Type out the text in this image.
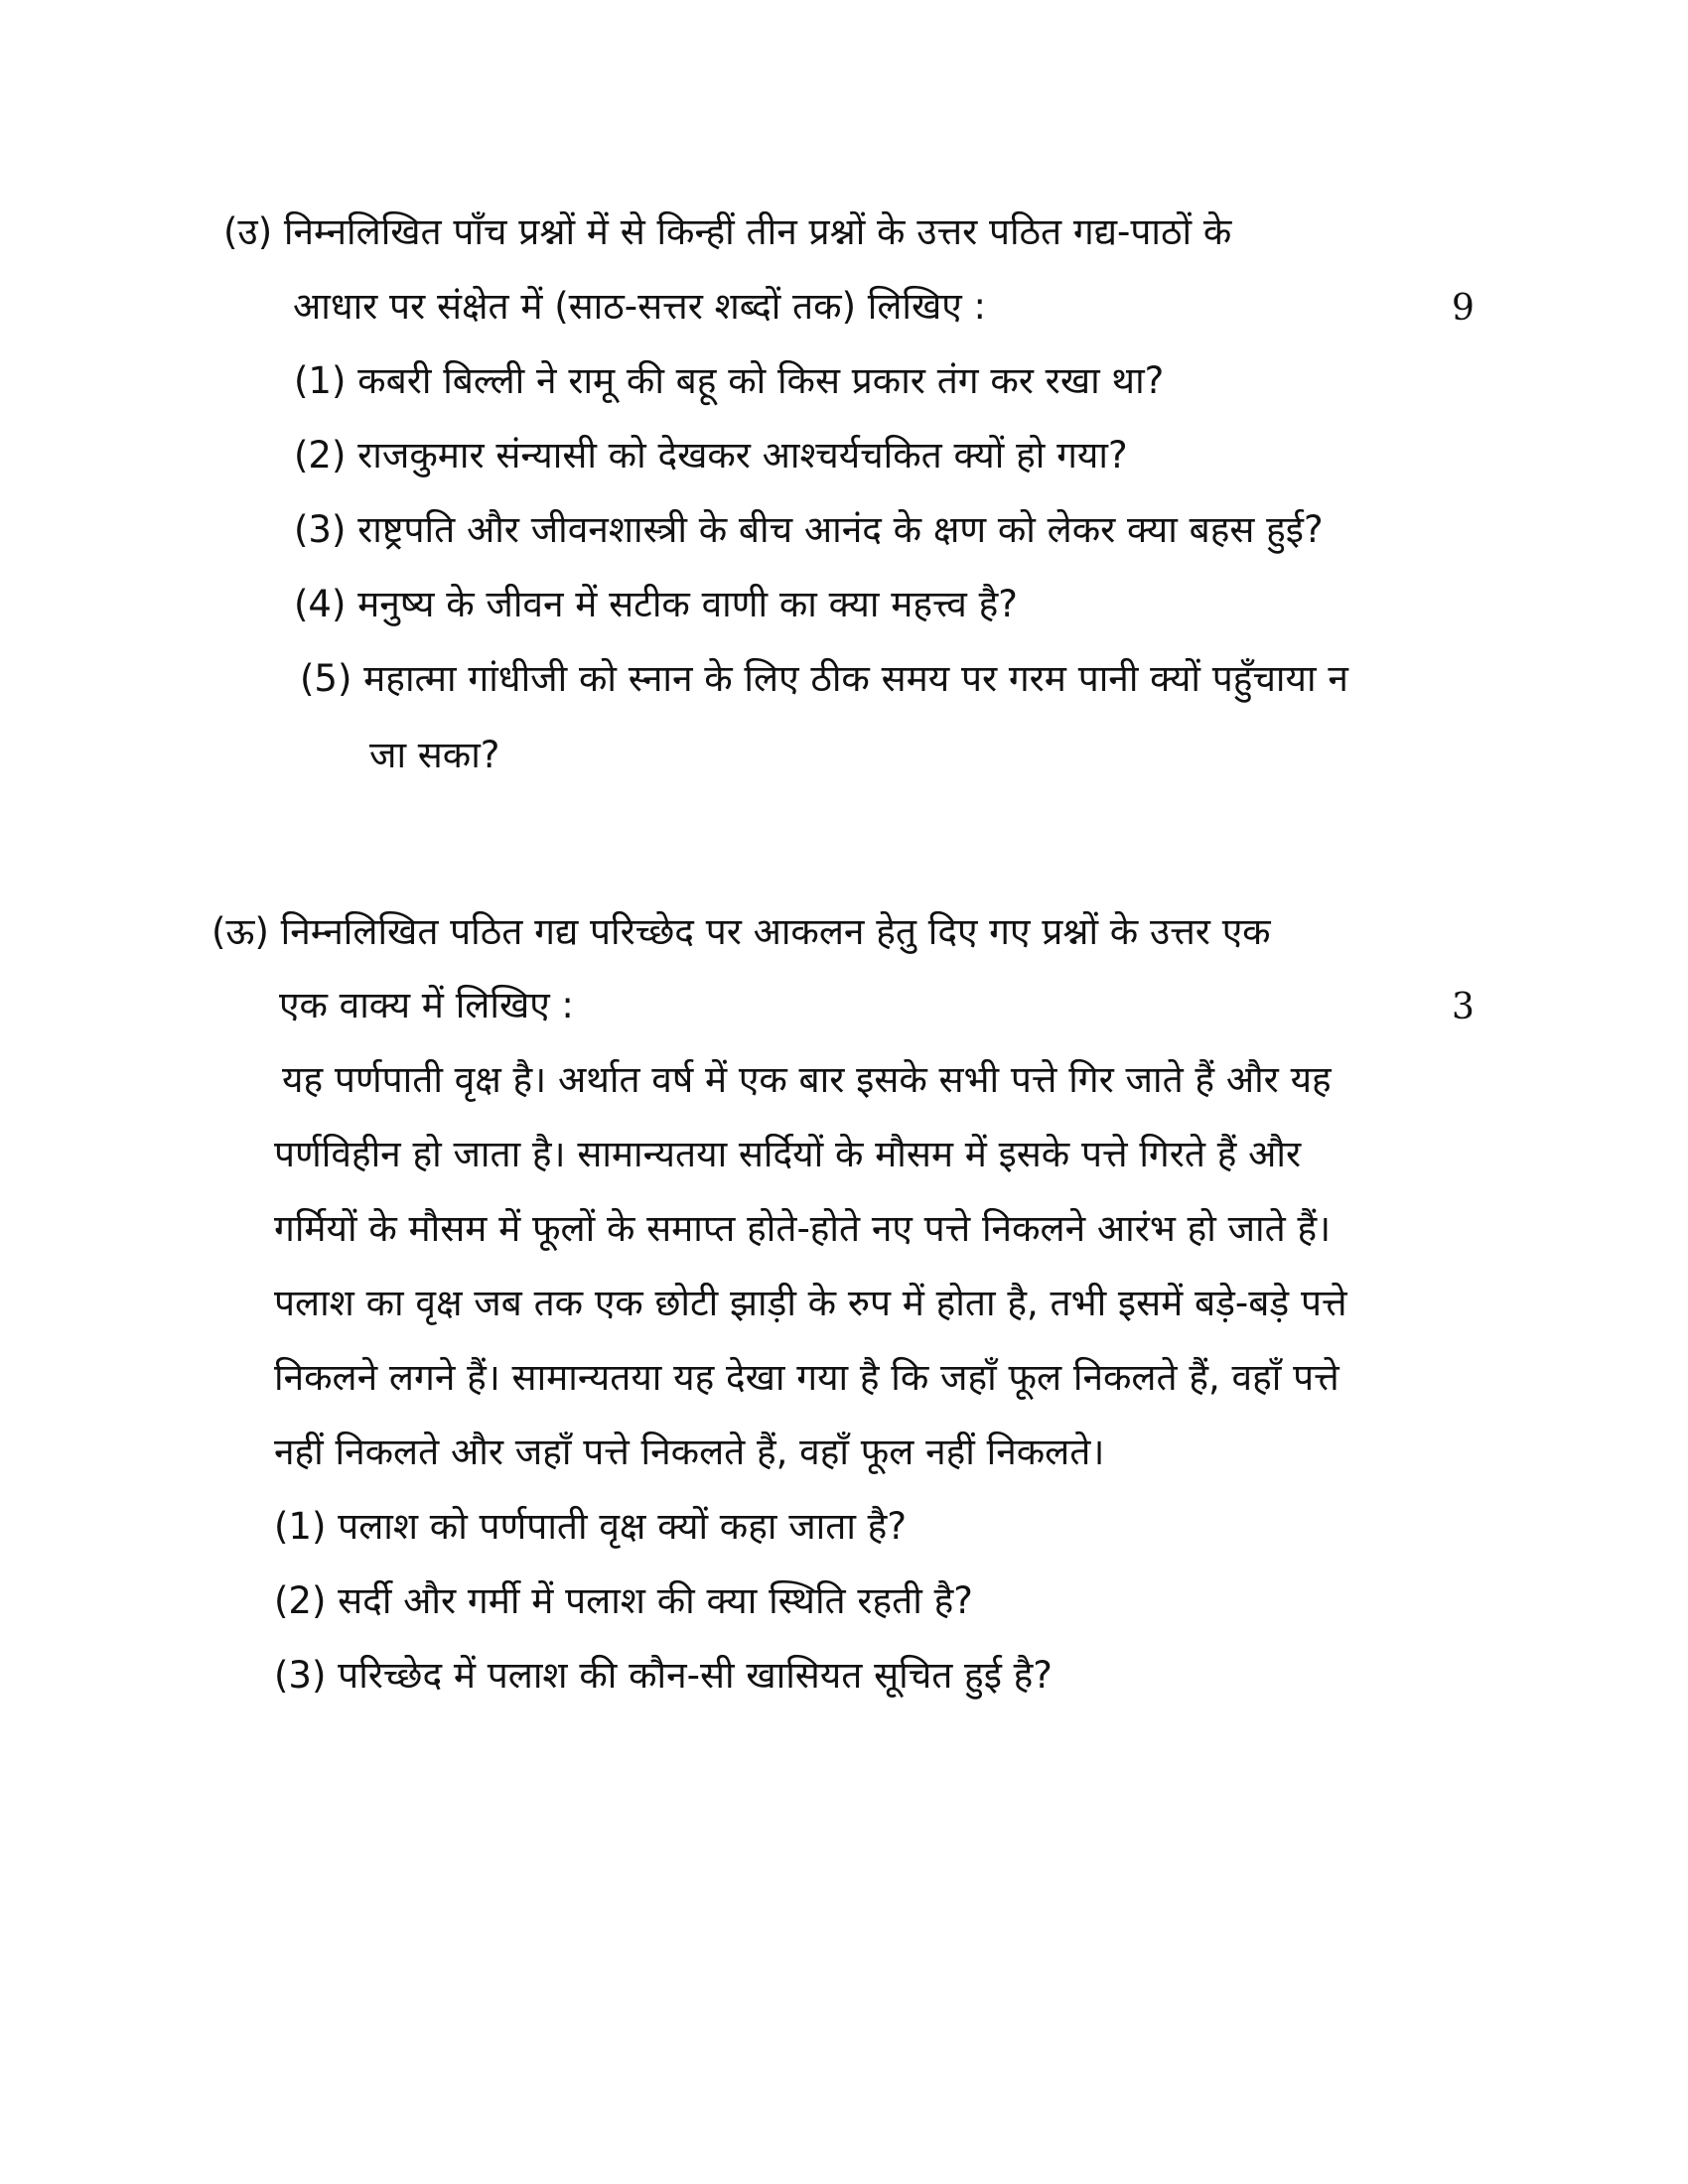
(उ) निम्नलिखित पाँच प्रश्नों में से किन्हीं तीन प्रश्नों के उत्तर पठित गद्य-पाठों के
आधार पर संक्षेत में (साठ-सत्तर शब्दों तक) लिखिए :	9
(1) कबरी बिल्ली ने रामू की बहू को किस प्रकार तंग कर रखा था?
(2) राजकुमार संन्यासी को देखकर आश्चर्यचकित क्यों हो गया?
(3) राष्ट्रपति और जीवनशास्त्री के बीच आनंद के क्षण को लेकर क्या बहस हुई?
(4) मनुष्य के जीवन में सटीक वाणी का क्या महत्त्व है?
(5) महात्मा गांधीजी को स्नान के लिए ठीक समय पर गरम पानी क्यों पहुँचाया न
जा सका?
(ऊ) निम्नलिखित पठित गद्य परिच्छेद पर आकलन हेतु दिए गए प्रश्नों के उत्तर एक
एक वाक्य में लिखिए :	3
यह पर्णपाती वृक्ष है। अर्थात वर्ष में एक बार इसके सभी पत्ते गिर जाते हैं और यह
पर्णविहीन हो जाता है। सामान्यतया सर्दियों के मौसम में इसके पत्ते गिरते हैं और
गर्मियों के मौसम में फूलों के समाप्त होते-होते नए पत्ते निकलने आरंभ हो जाते हैं।
पलाश का वृक्ष जब तक एक छोटी झाड़ी के रुप में होता है, तभी इसमें बड़े-बड़े पत्ते
निकलने लगने हैं। सामान्यतया यह देखा गया है कि जहाँ फूल निकलते हैं, वहाँ पत्ते
नहीं निकलते और जहाँ पत्ते निकलते हैं, वहाँ फूल नहीं निकलते।
(1) पलाश को पर्णपाती वृक्ष क्यों कहा जाता है?
(2) सर्दी और गर्मी में पलाश की क्या स्थिति रहती है?
(3) परिच्छेद में पलाश की कौन-सी खासियत सूचित हुई है?
